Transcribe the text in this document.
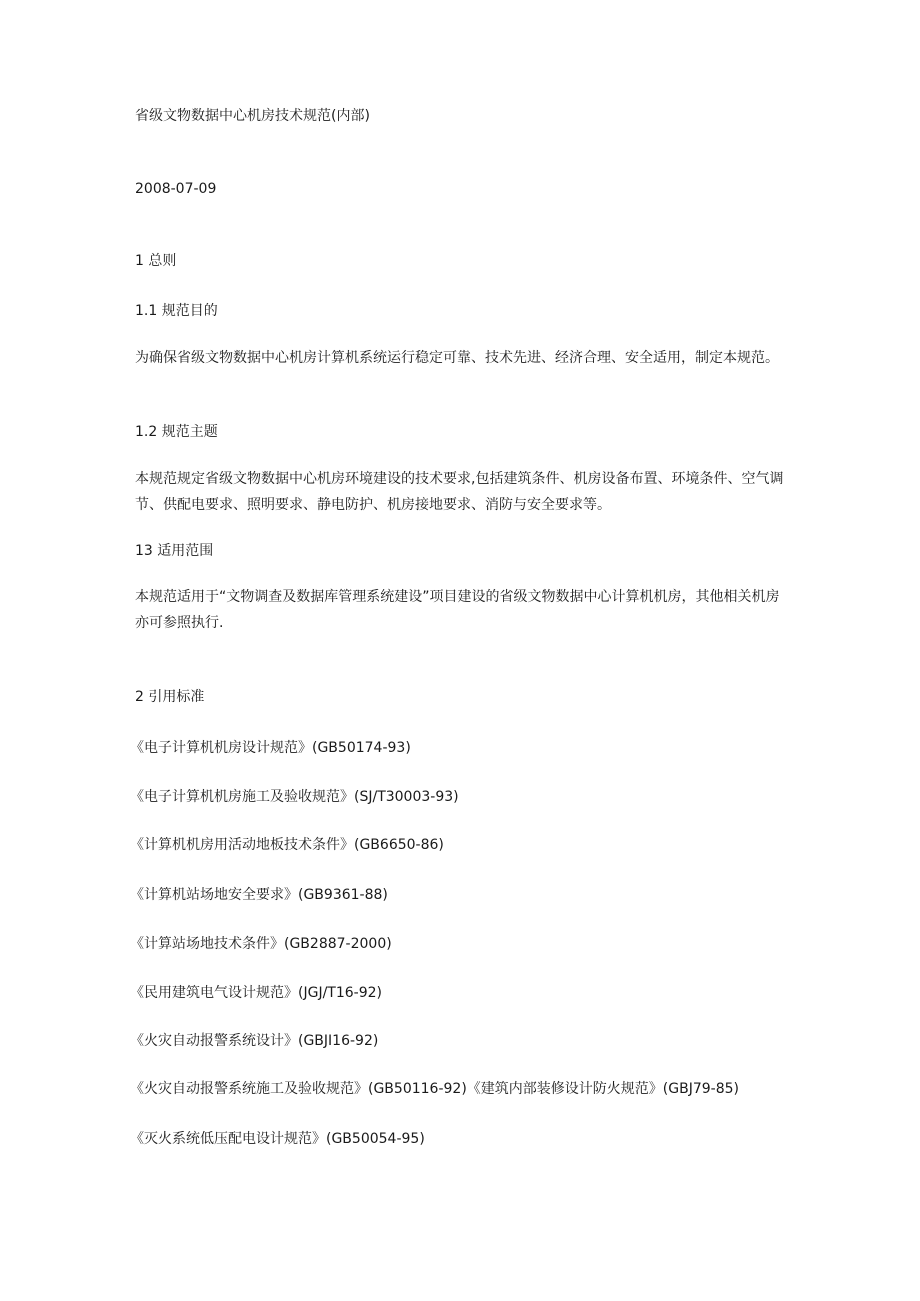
省级文物数据中心机房技术规范(内部)

2008-07-09

1 总则

1.1 规范目的

为确保省级文物数据中心机房计算机系统运行稳定可靠、技术先进、经济合理、安全适用，制定本规范。

1.2 规范主题

本规范规定省级文物数据中心机房环境建设的技术要求,包括建筑条件、机房设备布置、环境条件、空气调节、供配电要求、照明要求、静电防护、机房接地要求、消防与安全要求等。

13 适用范围

本规范适用于“文物调查及数据库管理系统建设”项目建设的省级文物数据中心计算机机房，其他相关机房亦可参照执行.

2 引用标准

《电子计算机机房设计规范》(GB50174-93)

《电子计算机机房施工及验收规范》(SJ/T30003-93)

《计算机机房用活动地板技术条件》(GB6650-86)

《计算机站场地安全要求》(GB9361-88)

《计算站场地技术条件》(GB2887-2000)

《民用建筑电气设计规范》(JGJ/T16-92)

《火灾自动报警系统设计》(GBJI16-92)

《火灾自动报警系统施工及验收规范》(GB50116-92)《建筑内部装修设计防火规范》(GBJ79-85)

《灭火系统低压配电设计规范》(GB50054-95)
